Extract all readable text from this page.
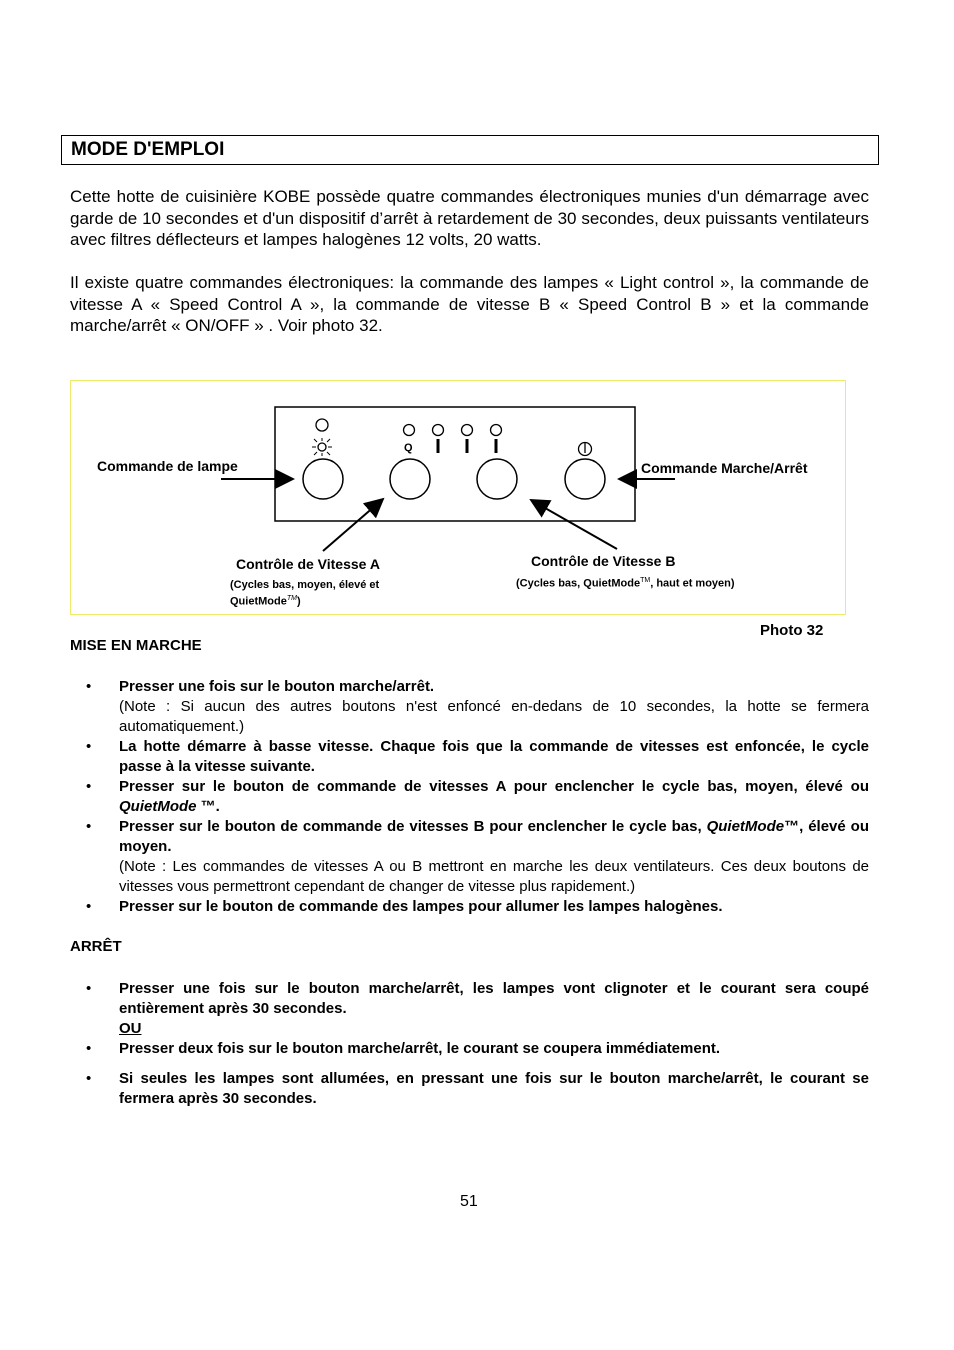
MODE D'EMPLOI
Cette hotte de cuisinière KOBE possède quatre commandes électroniques munies d'un démarrage avec garde de 10 secondes et d'un dispositif d’arrêt à retardement de 30 secondes, deux puissants ventilateurs avec filtres déflecteurs et lampes halogènes 12 volts, 20 watts.
Il existe quatre commandes électroniques: la commande des lampes « Light control », la commande de vitesse A « Speed Control A », la commande de vitesse B « Speed Control B » et la commande marche/arrêt « ON/OFF » . Voir photo 32.
Q
Commande de lampe	Commande Marche/Arrêt
Contrôle de Vitesse A
(Cycles bas, moyen, élevé et
QuietMode™)
Contrôle de Vitesse B
(Cycles bas, QuietMode™, haut et moyen)
Photo 32
MISE EN MARCHE
• Presser une fois sur le bouton marche/arrêt.
(Note : Si aucun des autres boutons n'est enfoncé en-dedans de 10 secondes, la hotte se fermera automatiquement.)
• La hotte démarre à basse vitesse. Chaque fois que la commande de vitesses est enfoncée, le cycle passe à la vitesse suivante.
• Presser sur le bouton de commande de vitesses A pour enclencher le cycle bas, moyen, élevé ou QuietMode ™.
• Presser sur le bouton de commande de vitesses B pour enclencher le cycle bas, QuietMode™, élevé ou moyen.
(Note : Les commandes de vitesses A ou B mettront en marche les deux ventilateurs. Ces deux boutons de vitesses vous permettront cependant de changer de vitesse plus rapidement.)
• Presser sur le bouton de commande des lampes pour allumer les lampes halogènes.
ARRÊT
• Presser une fois sur le bouton marche/arrêt, les lampes vont clignoter et le courant sera coupé entièrement après 30 secondes.
OU
• Presser deux fois sur le bouton marche/arrêt, le courant se coupera immédiatement.
• Si seules les lampes sont allumées, en pressant une fois sur le bouton marche/arrêt, le courant se fermera après 30 secondes.
51
